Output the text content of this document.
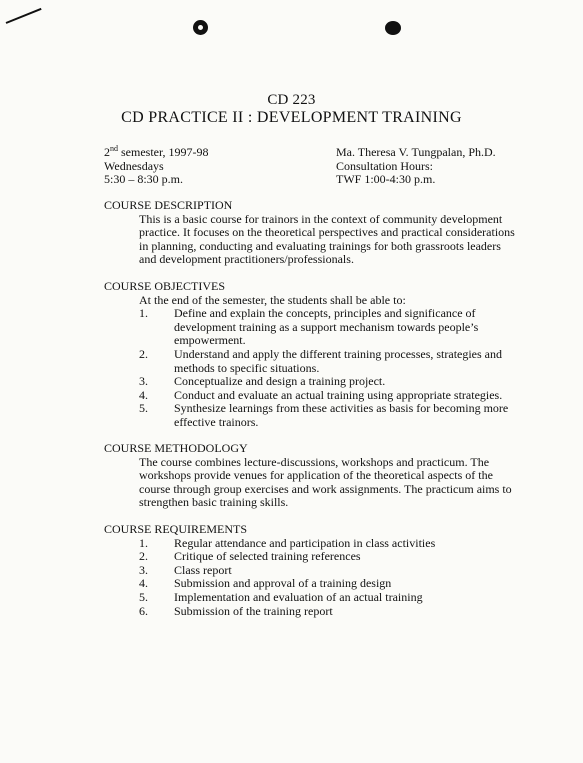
CD 223
CD PRACTICE II : DEVELOPMENT TRAINING
2nd semester, 1997-98
Wednesdays
5:30 – 8:30 p.m.
Ma. Theresa V. Tungpalan, Ph.D.
Consultation Hours:
TWF 1:00-4:30 p.m.
COURSE DESCRIPTION
This is a basic course for trainors in the context of community development practice. It focuses on the theoretical perspectives and practical considerations in planning, conducting and evaluating trainings for both grassroots leaders and development practitioners/professionals.
COURSE OBJECTIVES
At the end of the semester, the students shall be able to:
1.	Define and explain the concepts, principles and significance of development training as a support mechanism towards people’s empowerment.
2.	Understand and apply the different training processes, strategies and methods to specific situations.
3.	Conceptualize and design a training project.
4.	Conduct and evaluate an actual training using appropriate strategies.
5.	Synthesize learnings from these activities as basis for becoming more effective trainors.
COURSE METHODOLOGY
The course combines lecture-discussions, workshops and practicum. The workshops provide venues for application of the theoretical aspects of the course through group exercises and work assignments. The practicum aims to strengthen basic training skills.
COURSE REQUIREMENTS
1.	Regular attendance and participation in class activities
2.	Critique of selected training references
3.	Class report
4.	Submission and approval of a training design
5.	Implementation and evaluation of an actual training
6.	Submission of the training report
